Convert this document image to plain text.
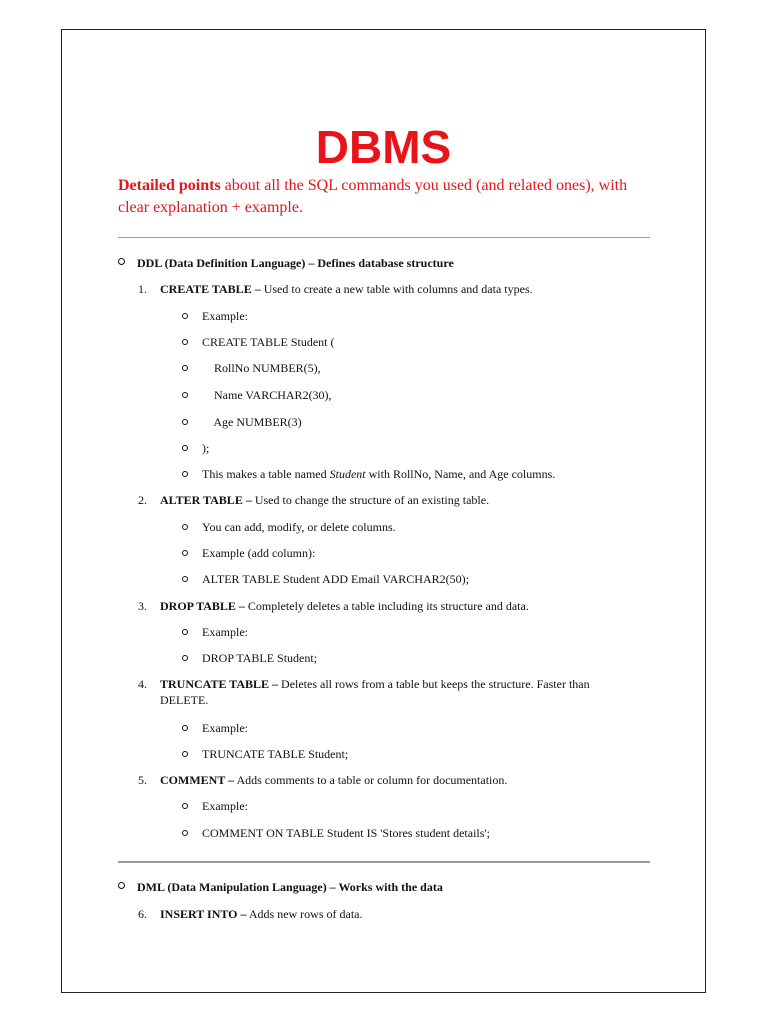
DBMS

Detailed points about all the SQL commands you used (and related ones), with clear explanation + example.

DDL (Data Definition Language) – Defines database structure
1. CREATE TABLE – Used to create a new table with columns and data types.
Example:
CREATE TABLE Student (
RollNo NUMBER(5),
Name VARCHAR2(30),
Age NUMBER(3)
);
This makes a table named Student with RollNo, Name, and Age columns.
2. ALTER TABLE – Used to change the structure of an existing table.
You can add, modify, or delete columns.
Example (add column):
ALTER TABLE Student ADD Email VARCHAR2(50);
3. DROP TABLE – Completely deletes a table including its structure and data.
Example:
DROP TABLE Student;
4. TRUNCATE TABLE – Deletes all rows from a table but keeps the structure. Faster than DELETE.
Example:
TRUNCATE TABLE Student;
5. COMMENT – Adds comments to a table or column for documentation.
Example:
COMMENT ON TABLE Student IS 'Stores student details';
DML (Data Manipulation Language) – Works with the data
6. INSERT INTO – Adds new rows of data.
